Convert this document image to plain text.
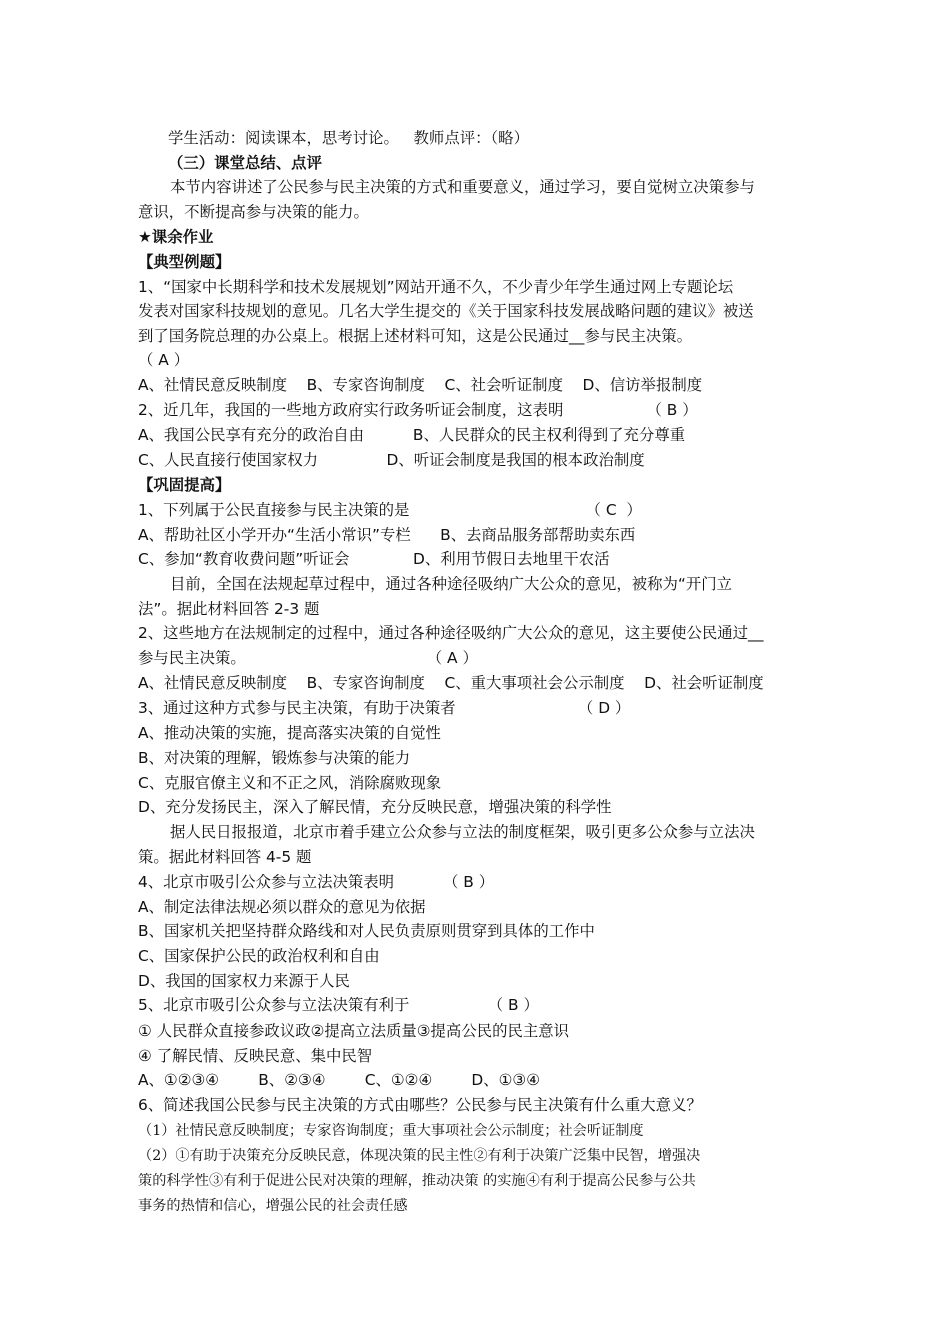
学生活动：阅读课本，思考讨论。   教师点评：（略）
（三）课堂总结、点评
本节内容讲述了公民参与民主决策的方式和重要意义，通过学习，要自觉树立决策参与
意识，不断提高参与决策的能力。
★课余作业
【典型例题】
1、“国家中长期科学和技术发展规划”网站开通不久，不少青少年学生通过网上专题论坛
发表对国家科技规划的意见。几名大学生提交的《关于国家科技发展战略问题的建议》被送
到了国务院总理的办公桌上。根据上述材料可知，这是公民通过__参与民主决策。
（ A ）
A、社情民意反映制度    B、专家咨询制度    C、社会听证制度    D、信访举报制度
2、近几年，我国的一些地方政府实行政务听证会制度，这表明                 （ B ）
A、我国公民享有充分的政治自由          B、人民群众的民主权利得到了充分尊重
C、人民直接行使国家权力              D、听证会制度是我国的根本政治制度
【巩固提高】
1、下列属于公民直接参与民主决策的是                                    （ C  ）
A、帮助社区小学开办“生活小常识”专栏      B、去商品服务部帮助卖东西
C、参加“教育收费问题”听证会             D、利用节假日去地里干农活
目前，全国在法规起草过程中，通过各种途径吸纳广大公众的意见，被称为“开门立
法”。据此材料回答 2-3 题
2、这些地方在法规制定的过程中，通过各种途径吸纳广大公众的意见，这主要使公民通过__
参与民主决策。                                     （ A ）
A、社情民意反映制度    B、专家咨询制度    C、重大事项社会公示制度    D、社会听证制度
3、通过这种方式参与民主决策，有助于决策者                         （ D ）
A、推动决策的实施，提高落实决策的自觉性
B、对决策的理解，锻炼参与决策的能力
C、克服官僚主义和不正之风，消除腐败现象
D、充分发扬民主，深入了解民情，充分反映民意，增强决策的科学性
据人民日报报道，北京市着手建立公众参与立法的制度框架，吸引更多公众参与立法决
策。据此材料回答 4-5 题
4、北京市吸引公众参与立法决策表明          （ B ）
A、制定法律法规必须以群众的意见为依据
B、国家机关把坚持群众路线和对人民负责原则贯穿到具体的工作中
C、国家保护公民的政治权利和自由
D、我国的国家权力来源于人民
5、北京市吸引公众参与立法决策有利于                （ B ）
① 人民群众直接参政议政②提高立法质量③提高公民的民主意识
④ 了解民情、反映民意、集中民智
A、①②③④        B、②③④        C、①②④        D、①③④
6、简述我国公民参与民主决策的方式由哪些？公民参与民主决策有什么重大意义？
（1）社情民意反映制度；专家咨询制度；重大事项社会公示制度；社会听证制度
（2）①有助于决策充分反映民意，体现决策的民主性②有利于决策广泛集中民智，增强决
策的科学性③有利于促进公民对决策的理解，推动决策 的实施④有利于提高公民参与公共
事务的热情和信心，增强公民的社会责任感
